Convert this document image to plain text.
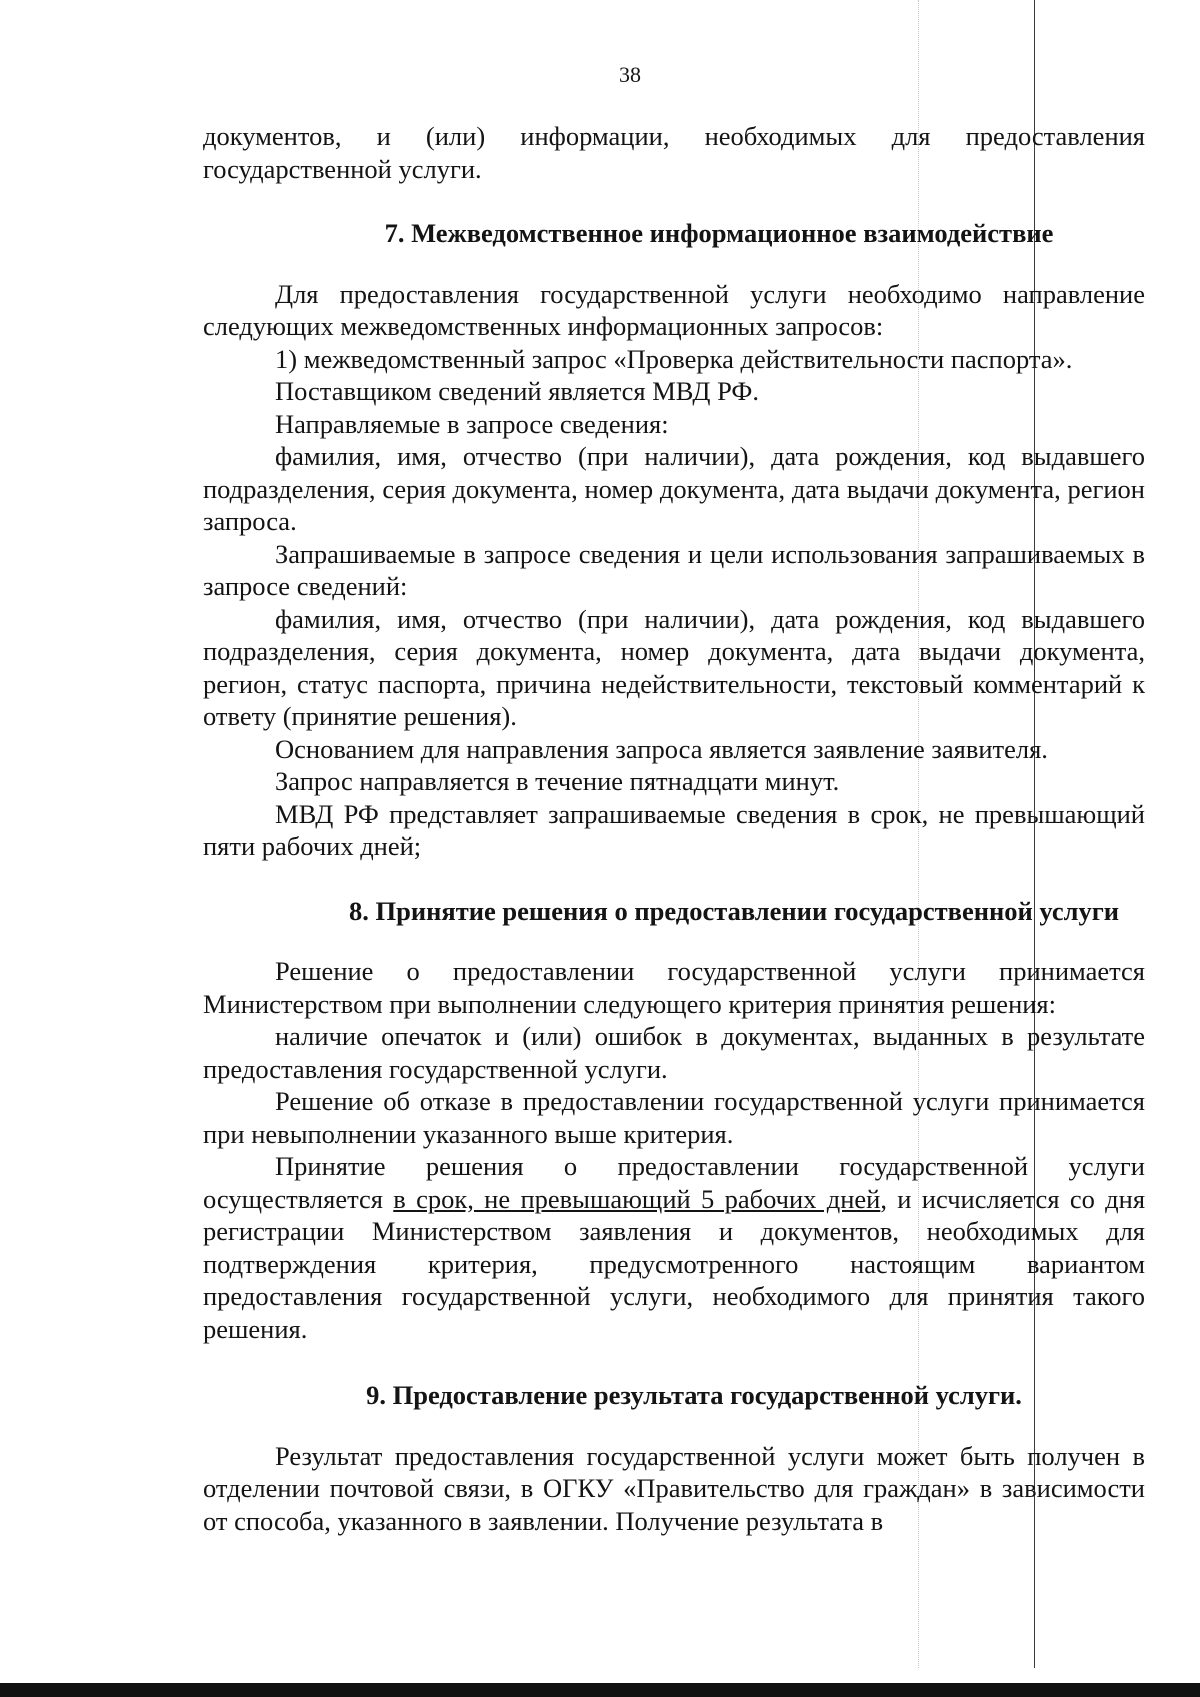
38

документов, и (или) информации, необходимых для предоставления государственной услуги.

7. Межведомственное информационное взаимодействие

Для предоставления государственной услуги необходимо направление следующих межведомственных информационных запросов:

1) межведомственный запрос «Проверка действительности паспорта».

Поставщиком сведений является МВД РФ.

Направляемые в запросе сведения:

фамилия, имя, отчество (при наличии), дата рождения, код выдавшего подразделения, серия документа, номер документа, дата выдачи документа, регион запроса.

Запрашиваемые в запросе сведения и цели использования запрашиваемых в запросе сведений:

фамилия, имя, отчество (при наличии), дата рождения, код выдавшего подразделения, серия документа, номер документа, дата выдачи документа, регион, статус паспорта, причина недействительности, текстовый комментарий к ответу (принятие решения).

Основанием для направления запроса является заявление заявителя.

Запрос направляется в течение пятнадцати минут.

МВД РФ представляет запрашиваемые сведения в срок, не превышающий пяти рабочих дней;

8. Принятие решения о предоставлении государственной услуги

Решение о предоставлении государственной услуги принимается Министерством при выполнении следующего критерия принятия решения:

наличие опечаток и (или) ошибок в документах, выданных в результате предоставления государственной услуги.

Решение об отказе в предоставлении государственной услуги принимается при невыполнении указанного выше критерия.

Принятие решения о предоставлении государственной услуги осуществляется в срок, не превышающий 5 рабочих дней, и исчисляется со дня регистрации Министерством заявления и документов, необходимых для подтверждения критерия, предусмотренного настоящим вариантом предоставления государственной услуги, необходимого для принятия такого решения.

9. Предоставление результата государственной услуги.

Результат предоставления государственной услуги может быть получен в отделении почтовой связи, в ОГКУ «Правительство для граждан» в зависимости от способа, указанного в заявлении. Получение результата в
